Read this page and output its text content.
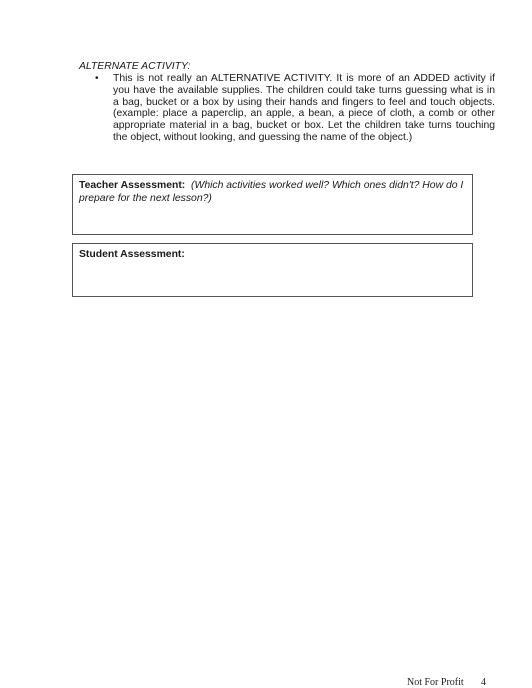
ALTERNATE ACTIVITY:
• This is not really an ALTERNATIVE ACTIVITY. It is more of an ADDED activity if you have the available supplies. The children could take turns guessing what is in a bag, bucket or a box by using their hands and fingers to feel and touch objects. (example: place a paperclip, an apple, a bean, a piece of cloth, a comb or other appropriate material in a bag, bucket or box. Let the children take turns touching the object, without looking, and guessing the name of the object.)
Teacher Assessment: (Which activities worked well? Which ones didn't? How do I prepare for the next lesson?)
Student Assessment:
Not For Profit 4
